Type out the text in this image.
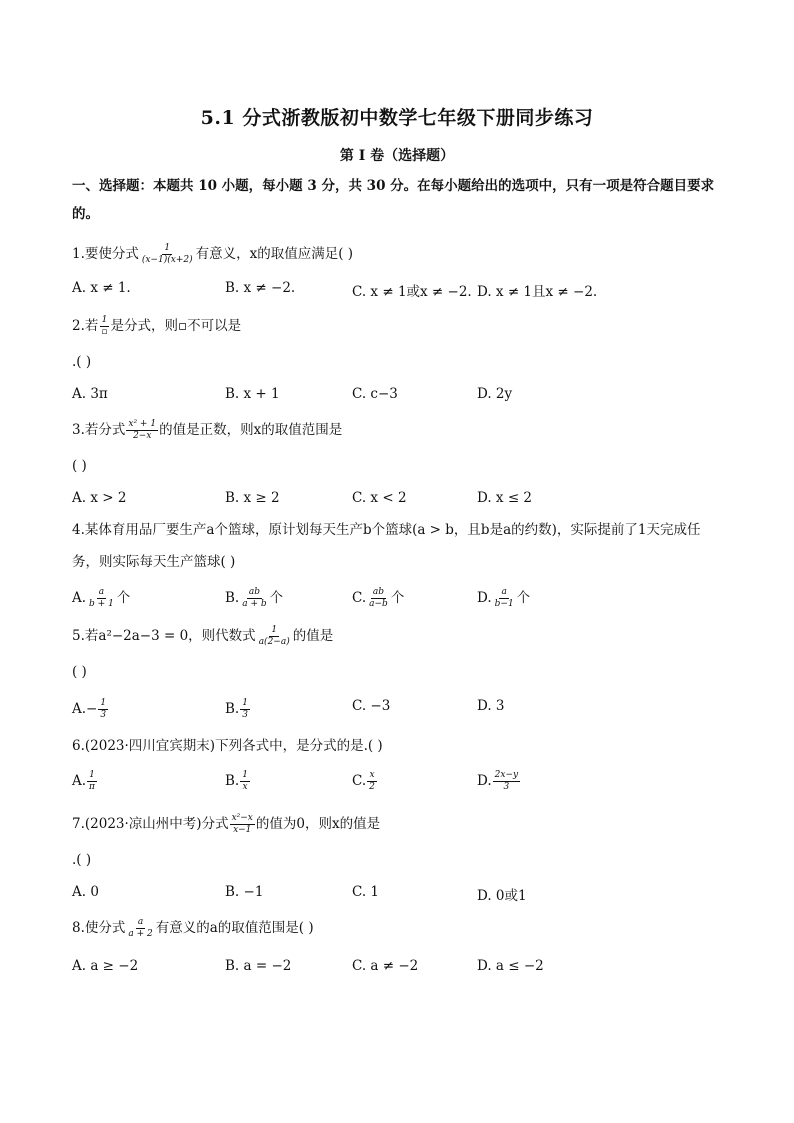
5.1 分式浙教版初中数学七年级下册同步练习
第 I 卷（选择题）
一、选择题：本题共 10 小题，每小题 3 分，共 30 分。在每小题给出的选项中，只有一项是符合题目要求的。
1.要使分式 $\frac{1}{(x-1)(x+2)}$ 有意义，x的取值应满足( )
A. x ≠ 1.	B. x ≠ −2.	C. x ≠ 1或x ≠ −2. D. x ≠ 1且x ≠ −2.
2.若 $\frac{1}{▫}$ 是分式，则▫不可以是
.( )
A. 3π	B. x + 1	C. c−3	D. 2y
3.若分式 $\frac{\text{x² + 1}}{2-x}$ 的值是正数，则x的取值范围是
( )
A. x > 2	B. x ≥ 2	C. x < 2	D. x ≤ 2
4.某体育用品厂要生产a个篮球，原计划每天生产b个篮球(a > b，且b是a的约数)，实际提前了1天完成任务，则实际每天生产篮球( )
A. $\frac{a}{b + 1}$ 个	B. $\frac{ab}{a + b}$ 个	C. $\frac{ab}{a-b}$ 个	D. $\frac{a}{b-1}$ 个
5.若a²−2a−3 = 0，则代数式 $\frac{1}{a(2-a)}$ 的值是
( )
$A.- \frac{1}{3}$	B. $\frac{1}{3}$	C. −3	D. 3
6.(2023·四川宜宾期末)下列各式中，是分式的是.( )
A. $\frac{1}{\pi}$	B. $\frac{1}{x}$	C. $\frac{x}{2}$	D. $\frac{2x-y}{3}$
7.(2023·凉山州中考)分式 $\frac{\text{x²−x}}{x-1}$ 的值为0，则x的值是
.( )
A. 0	B. −1	C. 1	D. 0或1
8.使分式 $\frac{a}{a + 2}$ 有意义的a的取值范围是( )
A. a ≥ −2	B. a = −2	C. a ≠ −2	D. a ≤ −2
